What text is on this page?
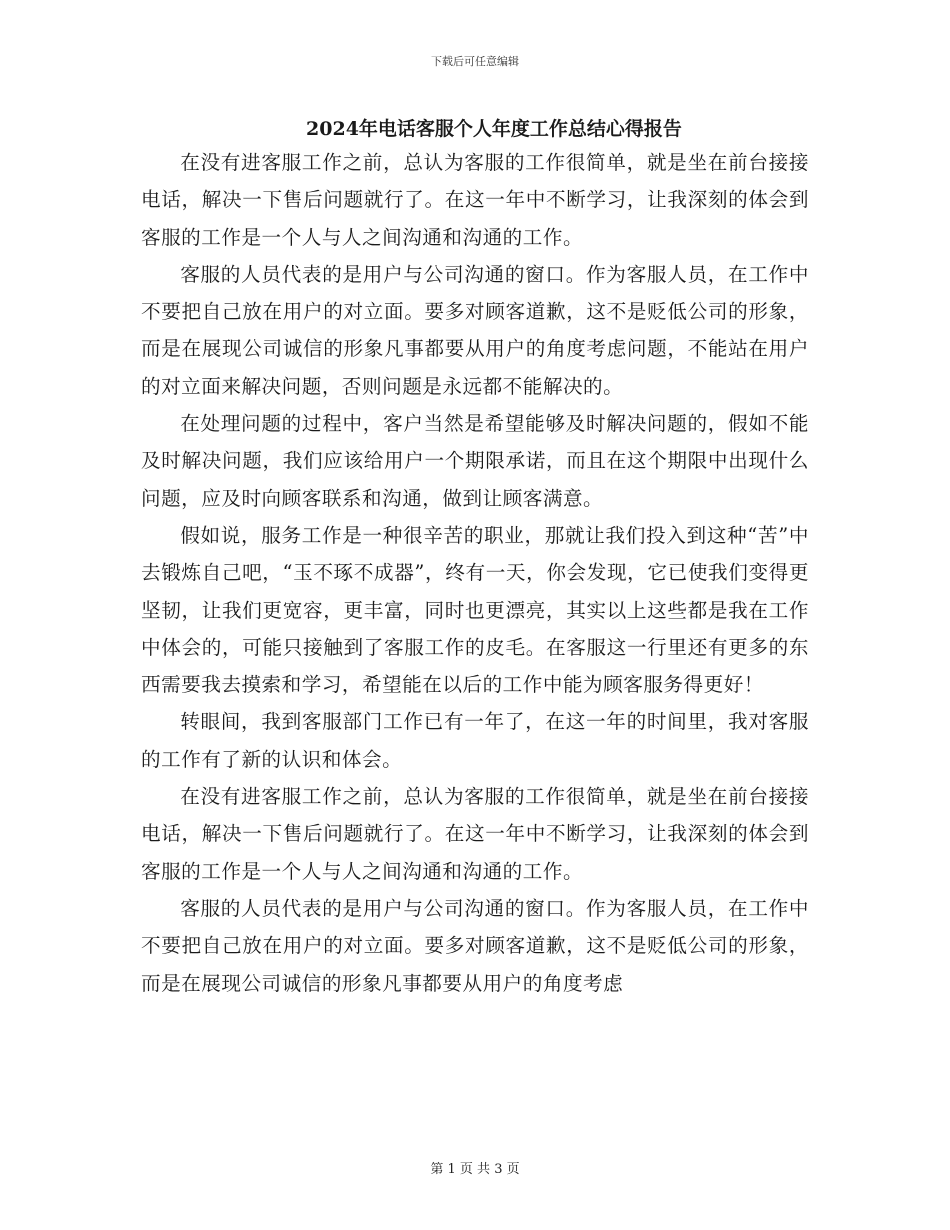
下载后可任意编辑
2024年电话客服个人年度工作总结心得报告

在没有进客服工作之前，总认为客服的工作很简单，就是坐在前台接接电话，解决一下售后问题就行了。在这一年中不断学习，让我深刻的体会到客服的工作是一个人与人之间沟通和沟通的工作。

客服的人员代表的是用户与公司沟通的窗口。作为客服人员，在工作中不要把自己放在用户的对立面。要多对顾客道歉，这不是贬低公司的形象，而是在展现公司诚信的形象凡事都要从用户的角度考虑问题，不能站在用户的对立面来解决问题，否则问题是永远都不能解决的。

在处理问题的过程中，客户当然是希望能够及时解决问题的，假如不能及时解决问题，我们应该给用户一个期限承诺，而且在这个期限中出现什么问题，应及时向顾客联系和沟通，做到让顾客满意。

假如说，服务工作是一种很辛苦的职业，那就让我们投入到这种“苦”中去锻炼自己吧，“玉不琢不成器”，终有一天，你会发现，它已使我们变得更坚韧，让我们更宽容，更丰富，同时也更漂亮，其实以上这些都是我在工作中体会的，可能只接触到了客服工作的皮毛。在客服这一行里还有更多的东西需要我去摸索和学习，希望能在以后的工作中能为顾客服务得更好！

转眼间，我到客服部门工作已有一年了，在这一年的时间里，我对客服的工作有了新的认识和体会。

在没有进客服工作之前，总认为客服的工作很简单，就是坐在前台接接电话，解决一下售后问题就行了。在这一年中不断学习，让我深刻的体会到客服的工作是一个人与人之间沟通和沟通的工作。

客服的人员代表的是用户与公司沟通的窗口。作为客服人员，在工作中不要把自己放在用户的对立面。要多对顾客道歉，这不是贬低公司的形象，而是在展现公司诚信的形象凡事都要从用户的角度考虑

第 1 页 共 3 页
